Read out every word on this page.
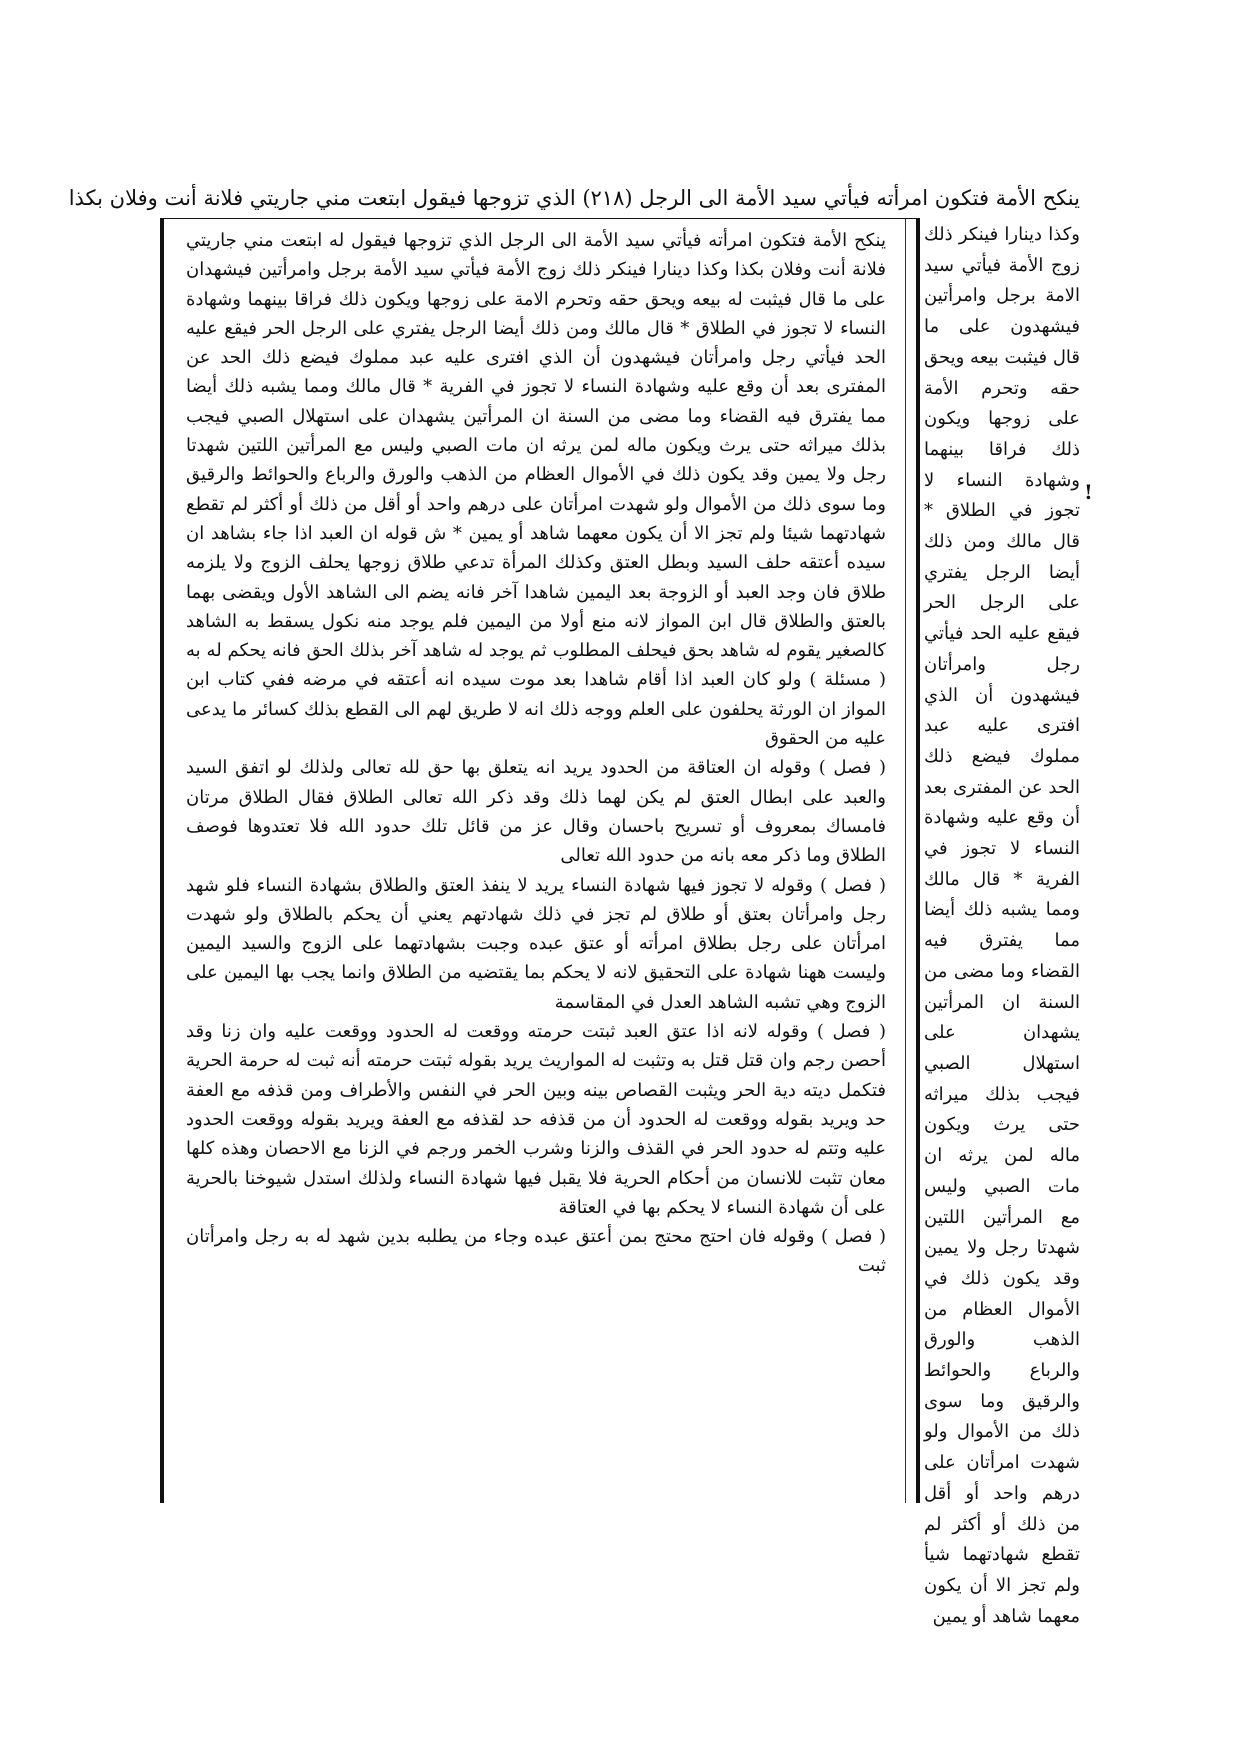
ينكح الأمة فتكون امرأته فيأتي سيد الأمة الى الرجل (٢١٨) الذي تزوجها فيقول ابتعت مني جاريتي فلانة أنت وفلان بكذا

ينكح الأمة فتكون امرأته فيأتي سيد الأمة الى الرجل الذي تزوجها فيقول له ابتعت مني جاريتي فلانة أنت وفلان بكذا وكذا دينارا فينكر ذلك زوج الأمة فيأتي سيد الأمة برجل وامرأتين فيشهدان على ما قال فيثبت له بيعه ويحق حقه وتحرم الامة على زوجها ويكون ذلك فراقا بينهما وشهادة النساء لا تجوز في الطلاق * قال مالك ومن ذلك أيضا الرجل يفتري على الرجل الحر فيقع عليه الحد فيأتي رجل وامرأتان فيشهدون أن الذي افترى عليه عبد مملوك فيضع ذلك الحد عن المفترى بعد أن وقع عليه وشهادة النساء لا تجوز في الفرية * قال مالك ومما يشبه ذلك أيضا مما يفترق فيه القضاء وما مضى من السنة ان المرأتين يشهدان على استهلال الصبي فيجب بذلك ميراثه حتى يرث ويكون ماله لمن يرثه ان مات الصبي وليس مع المرأتين اللتين شهدتا رجل ولا يمين وقد يكون ذلك في الأموال العظام من الذهب والورق والرباع والحوائط والرقيق وما سوى ذلك من الأموال ولو شهدت امرأتان على درهم واحد أو أقل من ذلك أو أكثر لم تقطع شهادتهما شيئا ولم تجز الا أن يكون معهما شاهد أو يمين * ش قوله ان العبد اذا جاء بشاهد ان سيده أعتقه حلف السيد وبطل العتق وكذلك المرأة تدعي طلاق زوجها يحلف الزوج ولا يلزمه طلاق فان وجد العبد أو الزوجة بعد اليمين شاهدا آخر فانه يضم الى الشاهد الأول ويقضى بهما بالعتق والطلاق قال ابن المواز لانه منع أولا من اليمين فلم يوجد منه نكول يسقط به الشاهد كالصغير يقوم له شاهد بحق فيحلف المطلوب ثم يوجد له شاهد آخر بذلك الحق فانه يحكم له به ( مسئلة ) ولو كان العبد اذا أقام شاهدا بعد موت سيده انه أعتقه في مرضه ففي كتاب ابن المواز ان الورثة يحلفون على العلم ووجه ذلك انه لا طريق لهم الى القطع بذلك كسائر ما يدعى عليه من الحقوق

( فصل ) وقوله ان العتاقة من الحدود يريد انه يتعلق بها حق لله تعالى ولذلك لو اتفق السيد والعبد على ابطال العتق لم يكن لهما ذلك وقد ذكر الله تعالى الطلاق فقال الطلاق مرتان فامساك بمعروف أو تسريح باحسان وقال عز من قائل تلك حدود الله فلا تعتدوها فوصف الطلاق وما ذكر معه بانه من حدود الله تعالى

( فصل ) وقوله لا تجوز فيها شهادة النساء يريد لا ينفذ العتق والطلاق بشهادة النساء فلو شهد رجل وامرأتان بعتق أو طلاق لم تجز في ذلك شهادتهم يعني أن يحكم بالطلاق ولو شهدت امرأتان على رجل بطلاق امرأته أو عتق عبده وجبت بشهادتهما على الزوج والسيد اليمين وليست ههنا شهادة على التحقيق لانه لا يحكم بما يقتضيه من الطلاق وانما يجب بها اليمين على الزوج وهي تشبه الشاهد العدل في المقاسمة

( فصل ) وقوله لانه اذا عتق العبد ثبتت حرمته ووقعت له الحدود ووقعت عليه وان زنا وقد أحصن رجم وان قتل قتل به وتثبت له المواريث يريد بقوله ثبتت حرمته أنه ثبت له حرمة الحرية فتكمل ديته دية الحر ويثبت القصاص بينه وبين الحر في النفس والأطراف ومن قذفه مع العفة حد ويريد بقوله ووقعت له الحدود أن من قذفه حد لقذفه مع العفة ويريد بقوله ووقعت الحدود عليه وتتم له حدود الحر في القذف والزنا وشرب الخمر ورجم في الزنا مع الاحصان وهذه كلها معان تثبت للانسان من أحكام الحرية فلا يقبل فيها شهادة النساء ولذلك استدل شيوخنا بالحرية على أن شهادة النساء لا يحكم بها في العتاقة

( فصل ) وقوله فان احتج محتج بمن أعتق عبده وجاء من يطلبه بدين شهد له به رجل وامرأتان ثبت

وكذا دينارا فينكر ذلك زوج الأمة فيأتي سيد الامة برجل وامرأتين فيشهدون على ما قال فيثبت بيعه ويحق حقه وتحرم الأمة على زوجها ويكون ذلك فراقا بينهما وشهادة النساء لا تجوز في الطلاق * قال مالك ومن ذلك أيضا الرجل يفتري على الرجل الحر فيقع عليه الحد فيأتي رجل وامرأتان فيشهدون أن الذي افترى عليه عبد مملوك فيضع ذلك الحد عن المفترى بعد أن وقع عليه وشهادة النساء لا تجوز في الفرية * قال مالك ومما يشبه ذلك أيضا مما يفترق فيه القضاء وما مضى من السنة ان المرأتين يشهدان على استهلال الصبي فيجب بذلك ميراثه حتى يرث ويكون ماله لمن يرثه ان مات الصبي وليس مع المرأتين اللتين شهدتا رجل ولا يمين وقد يكون ذلك في الأموال العظام من الذهب والورق والرباع والحوائط والرقيق وما سوى ذلك من الأموال ولو شهدت امرأتان على درهم واحد أو أقل من ذلك أو أكثر لم تقطع شهادتهما شيأ ولم تجز الا أن يكون معهما شاهد أو يمين
!
